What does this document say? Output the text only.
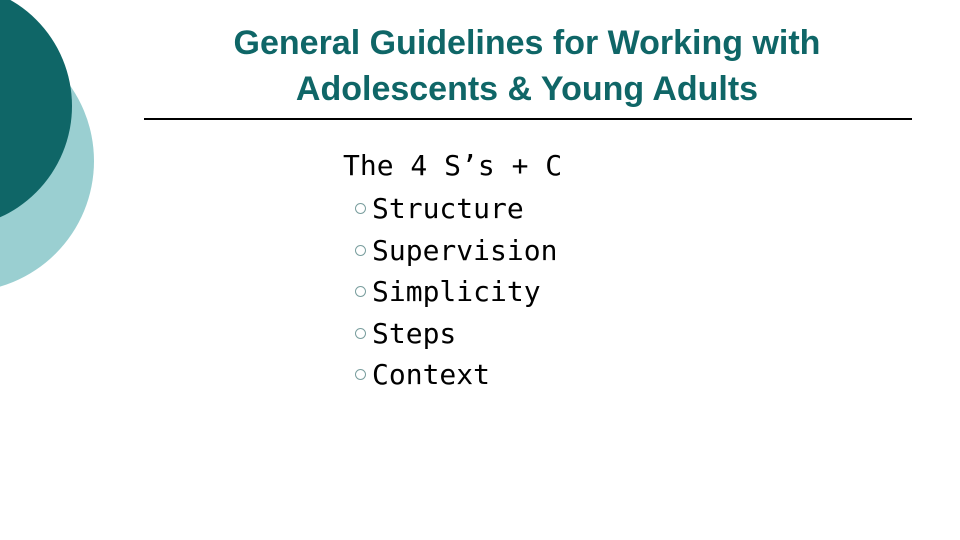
General Guidelines for Working with
Adolescents & Young Adults
The 4 S’s + C
Structure
Supervision
Simplicity
Steps
Context
